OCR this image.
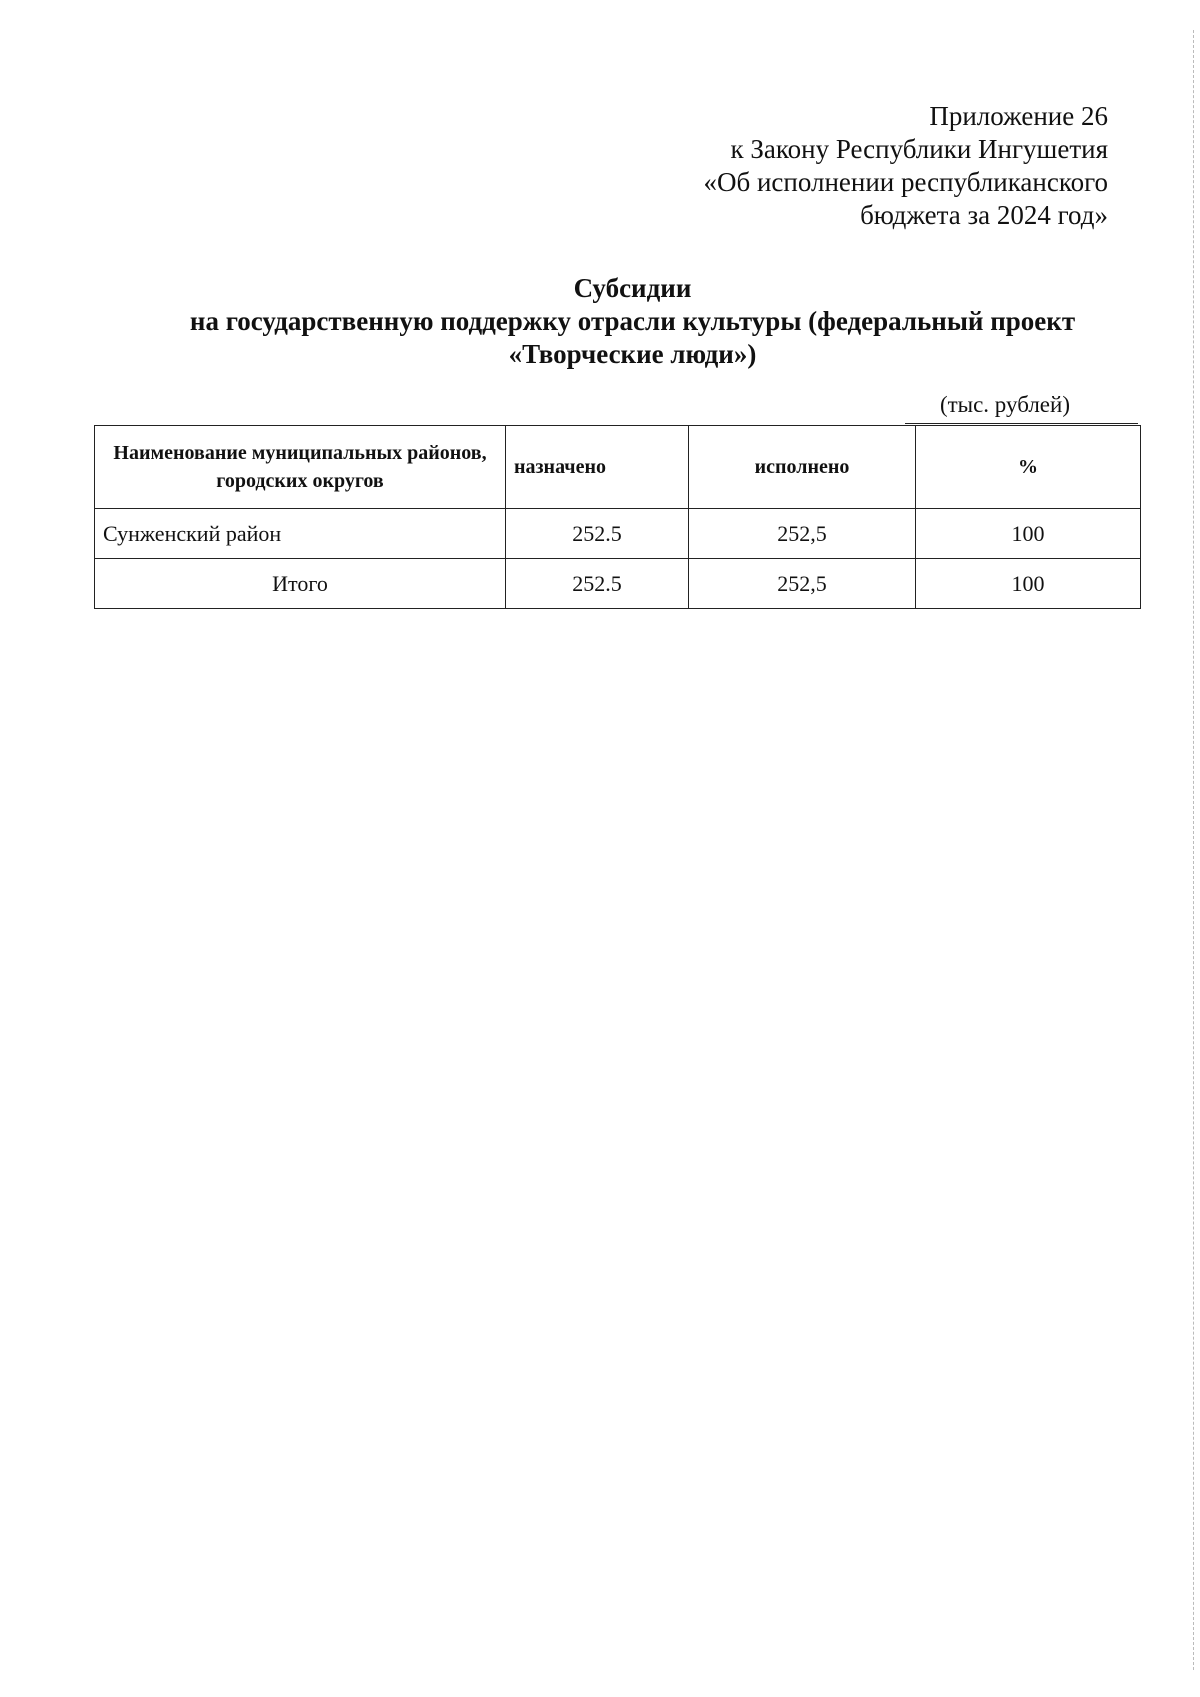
Приложение 26
к Закону Республики Ингушетия
«Об исполнении республиканского
бюджета за 2024 год»
Субсидии
на государственную поддержку отрасли культуры (федеральный проект
«Творческие люди»)
(тыс. рублей)
Наименование муниципальных районов, городских округов	назначено	исполнено	%
Сунженский район	252.5	252,5	100
Итого	252.5	252,5	100
